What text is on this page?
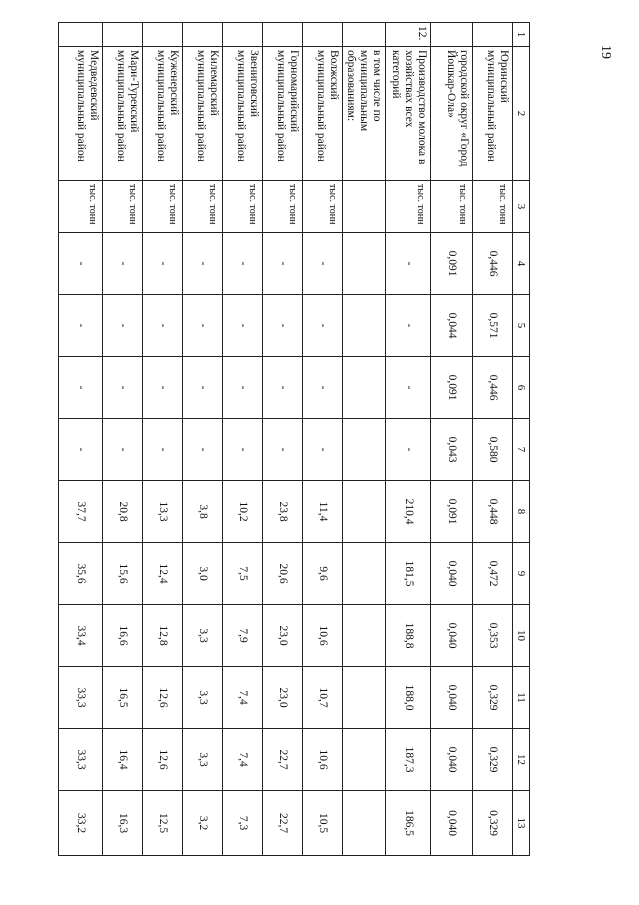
19
1	2	3	4	5	6	7	8	9	10	11	12	13
	Юринский муниципальный район	тыс. тонн	0,446	0,571	0,446	0,580	0,448	0,472	0,353	0,329	0,329	0,329
	городской округ «Город Йошкар-Ола»	тыс. тонн	0,091	0,044	0,091	0,043	0,091	0,040	0,040	0,040	0,040	0,040
12.	Производство молока в хозяйствах всех категорий	тыс. тонн	-	-	-	-	210,4	181,5	188,8	188,0	187,3	186,5
	в том числе по муниципальным образованиям:											
	Волжский муниципальный район	тыс. тонн	-	-	-	-	11,4	9,6	10,6	10,7	10,6	10,5
	Горномарийский муниципальный район	тыс. тонн	-	-	-	-	23,8	20,6	23,0	23,0	22,7	22,7
	Звениговский муниципальный район	тыс. тонн	-	-	-	-	10,2	7,5	7,9	7,4	7,4	7,3
	Килемарский муниципальный район	тыс. тонн	-	-	-	-	3,8	3,0	3,3	3,3	3,3	3,2
	Куженерский муниципальный район	тыс. тонн	-	-	-	-	13,3	12,4	12,8	12,6	12,6	12,5
	Мари-Турекский муниципальный район	тыс. тонн	-	-	-	-	20,8	15,6	16,6	16,5	16,4	16,3
	Медведевский муниципальный район	тыс. тонн	-	-	-	-	37,7	35,6	33,4	33,3	33,3	33,2
